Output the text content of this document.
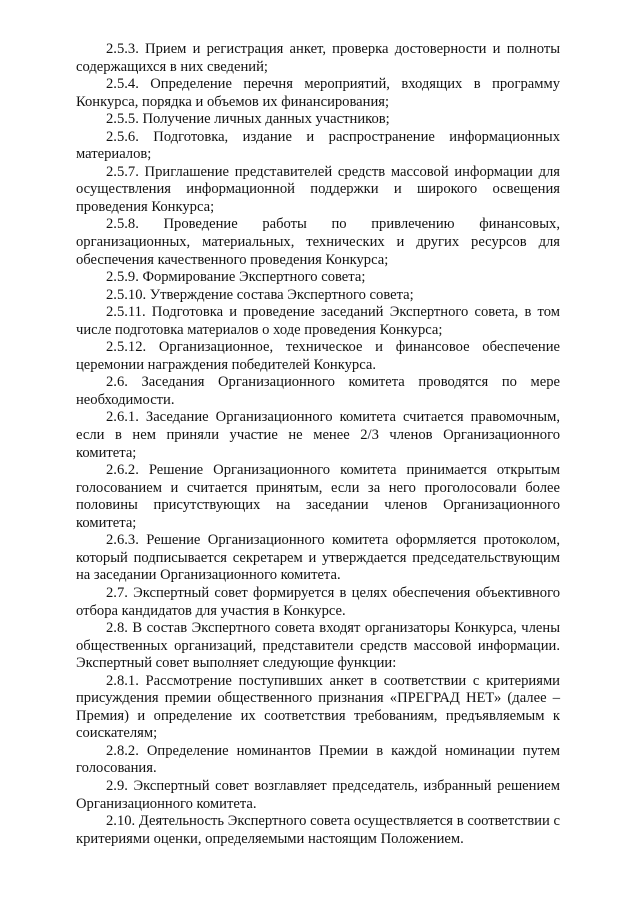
2.5.3. Прием и регистрация анкет, проверка достоверности и полноты содержащихся в них сведений;

2.5.4. Определение перечня мероприятий, входящих в программу Конкурса, порядка и объемов их финансирования;

2.5.5. Получение личных данных участников;

2.5.6. Подготовка, издание и распространение информационных материалов;

2.5.7. Приглашение представителей средств массовой информации для осуществления информационной поддержки и широкого освещения проведения Конкурса;

2.5.8. Проведение работы по привлечению финансовых, организационных, материальных, технических и других ресурсов для обеспечения качественного проведения Конкурса;

2.5.9. Формирование Экспертного совета;

2.5.10. Утверждение состава Экспертного совета;

2.5.11. Подготовка и проведение заседаний Экспертного совета, в том числе подготовка материалов о ходе проведения Конкурса;

2.5.12. Организационное, техническое и финансовое обеспечение церемонии награждения победителей Конкурса.

2.6. Заседания Организационного комитета проводятся по мере необходимости.

2.6.1. Заседание Организационного комитета считается правомочным, если в нем приняли участие не менее 2/3 членов Организационного комитета;

2.6.2. Решение Организационного комитета принимается открытым голосованием и считается принятым, если за него проголосовали более половины присутствующих на заседании членов Организационного комитета;

2.6.3. Решение Организационного комитета оформляется протоколом, который подписывается секретарем и утверждается председательствующим на заседании Организационного комитета.

2.7. Экспертный совет формируется в целях обеспечения объективного отбора кандидатов для участия в Конкурсе.

2.8. В состав Экспертного совета входят организаторы Конкурса, члены общественных организаций, представители средств массовой информации. Экспертный совет выполняет следующие функции:

2.8.1. Рассмотрение поступивших анкет в соответствии с критериями присуждения премии общественного признания «ПРЕГРАД НЕТ» (далее – Премия) и определение их соответствия требованиям, предъявляемым к соискателям;

2.8.2. Определение номинантов Премии в каждой номинации путем голосования.

2.9. Экспертный совет возглавляет председатель, избранный решением Организационного комитета.

2.10. Деятельность Экспертного совета осуществляется в соответствии с критериями оценки, определяемыми настоящим Положением.
